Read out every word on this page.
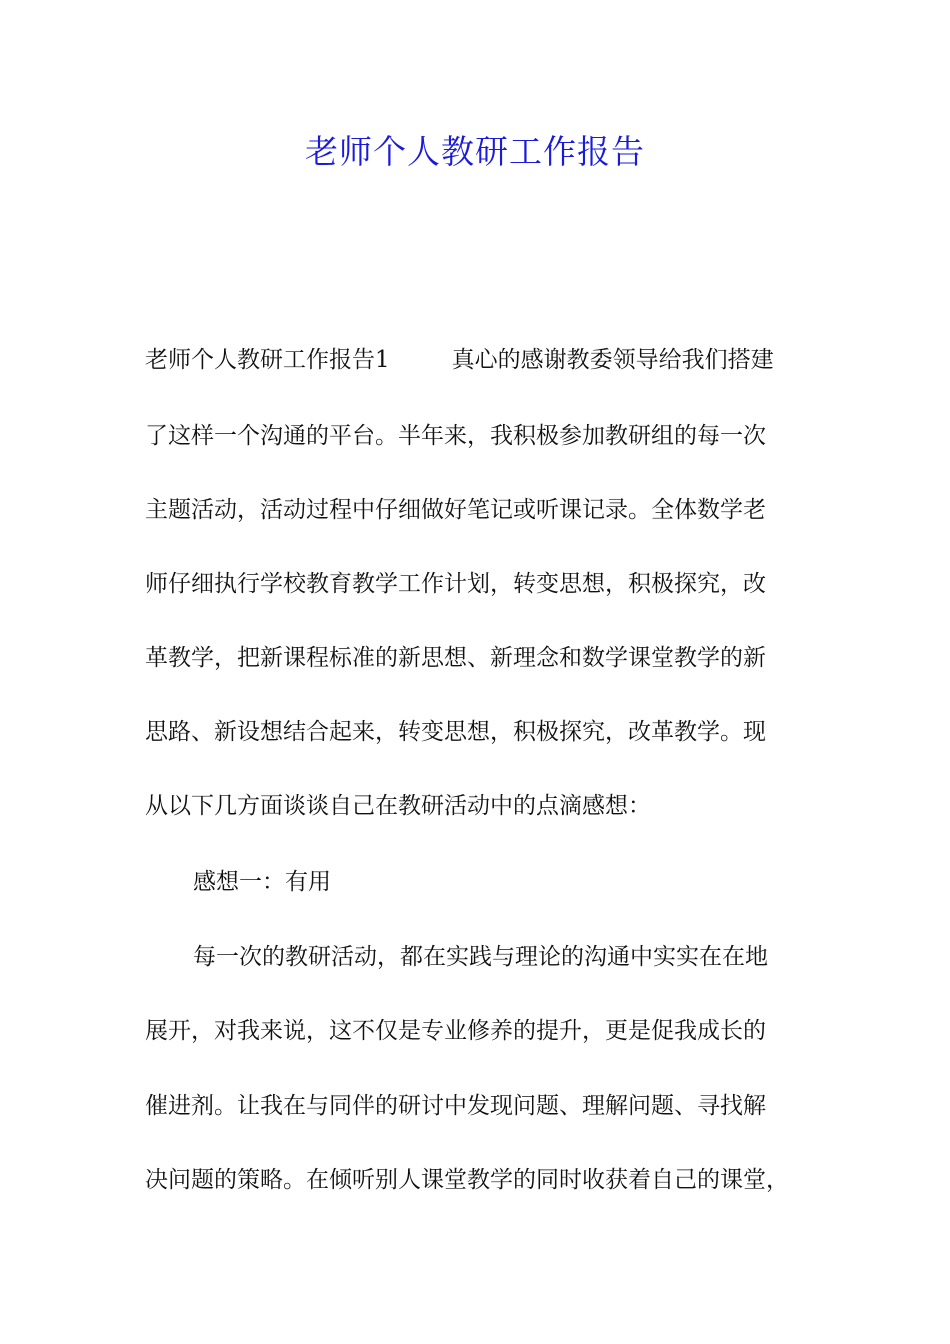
老师个人教研工作报告
老师个人教研工作报告1	真心的感谢教委领导给我们搭建
了这样一个沟通的平台。半年来，我积极参加教研组的每一次
主题活动，活动过程中仔细做好笔记或听课记录。全体数学老
师仔细执行学校教育教学工作计划，转变思想，积极探究，改
革教学，把新课程标准的新思想、新理念和数学课堂教学的新
思路、新设想结合起来，转变思想，积极探究，改革教学。现
从以下几方面谈谈自己在教研活动中的点滴感想：
感想一：有用
每一次的教研活动，都在实践与理论的沟通中实实在在地
展开，对我来说，这不仅是专业修养的提升，更是促我成长的
催进剂。让我在与同伴的研讨中发现问题、理解问题、寻找解
决问题的策略。在倾听别人课堂教学的同时收获着自己的课堂，
